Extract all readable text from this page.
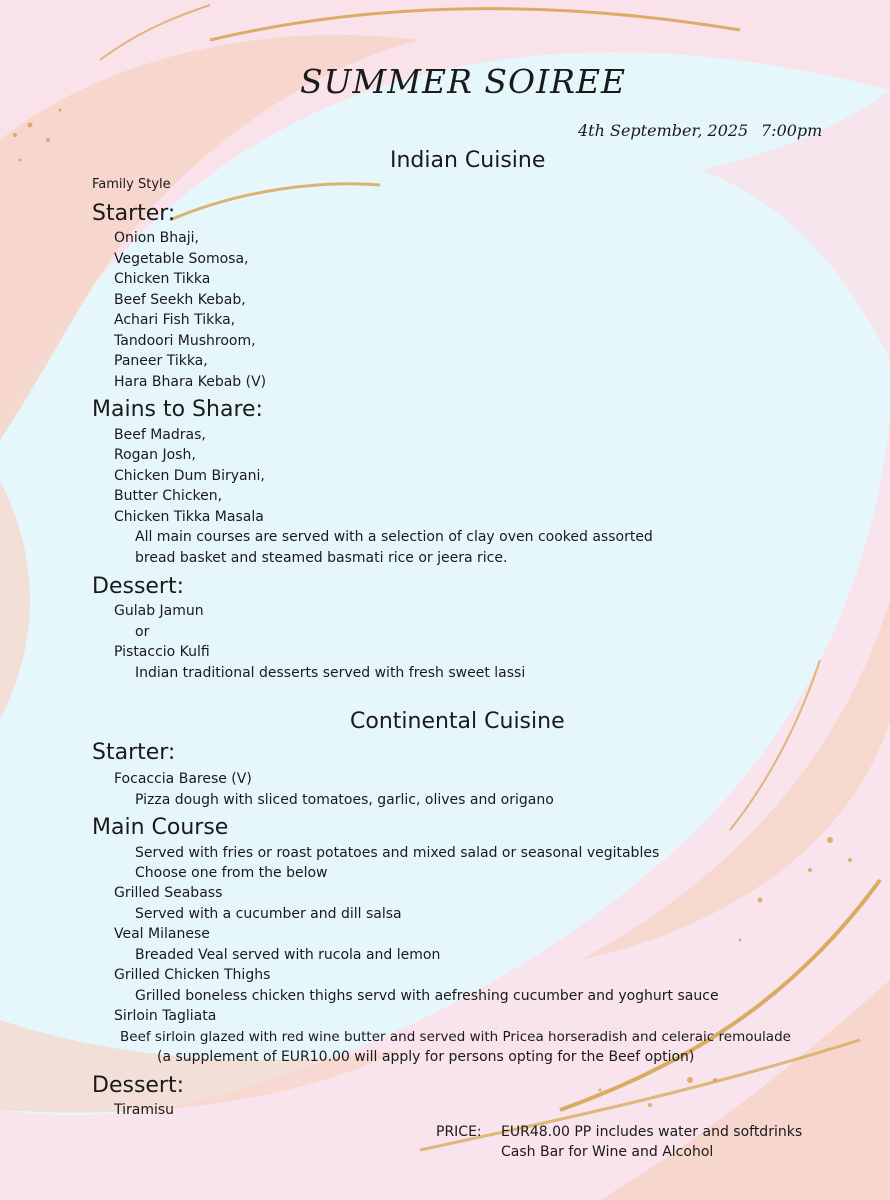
SUMMER SOIREE
4th September, 2025 7:00pm
Indian Cuisine
Family Style
Starter:
Onion Bhaji,
Vegetable Somosa,
Chicken Tikka
Beef Seekh Kebab,
Achari Fish Tikka,
Tandoori Mushroom,
Paneer Tikka,
Hara Bhara Kebab (V)
Mains to Share:
Beef Madras,
Rogan Josh,
Chicken Dum Biryani,
Butter Chicken,
Chicken Tikka Masala
All main courses are served with a selection of clay oven cooked assorted
bread basket and steamed basmati rice or jeera rice.
Dessert:
Gulab Jamun
or
Pistaccio Kulfi
Indian traditional desserts served with fresh sweet lassi
Continental Cuisine
Starter:
Focaccia Barese (V)
Pizza dough with sliced tomatoes, garlic, olives and origano
Main Course
Served with fries or roast potatoes and mixed salad or seasonal vegitables
Choose one from the below
Grilled Seabass
Served with a cucumber and dill salsa
Veal Milanese
Breaded Veal served with rucola and lemon
Grilled Chicken Thighs
Grilled boneless chicken thighs servd with aefreshing cucumber and yoghurt sauce
Sirloin Tagliata
Beef sirloin glazed with red wine butter and served with Pricea horseradish and celeraic remoulade
(a supplement of EUR10.00 will apply for persons opting for the Beef option)
Dessert:
Tiramisu
PRICE: EUR48.00 PP includes water and softdrinks
Cash Bar for Wine and Alcohol
